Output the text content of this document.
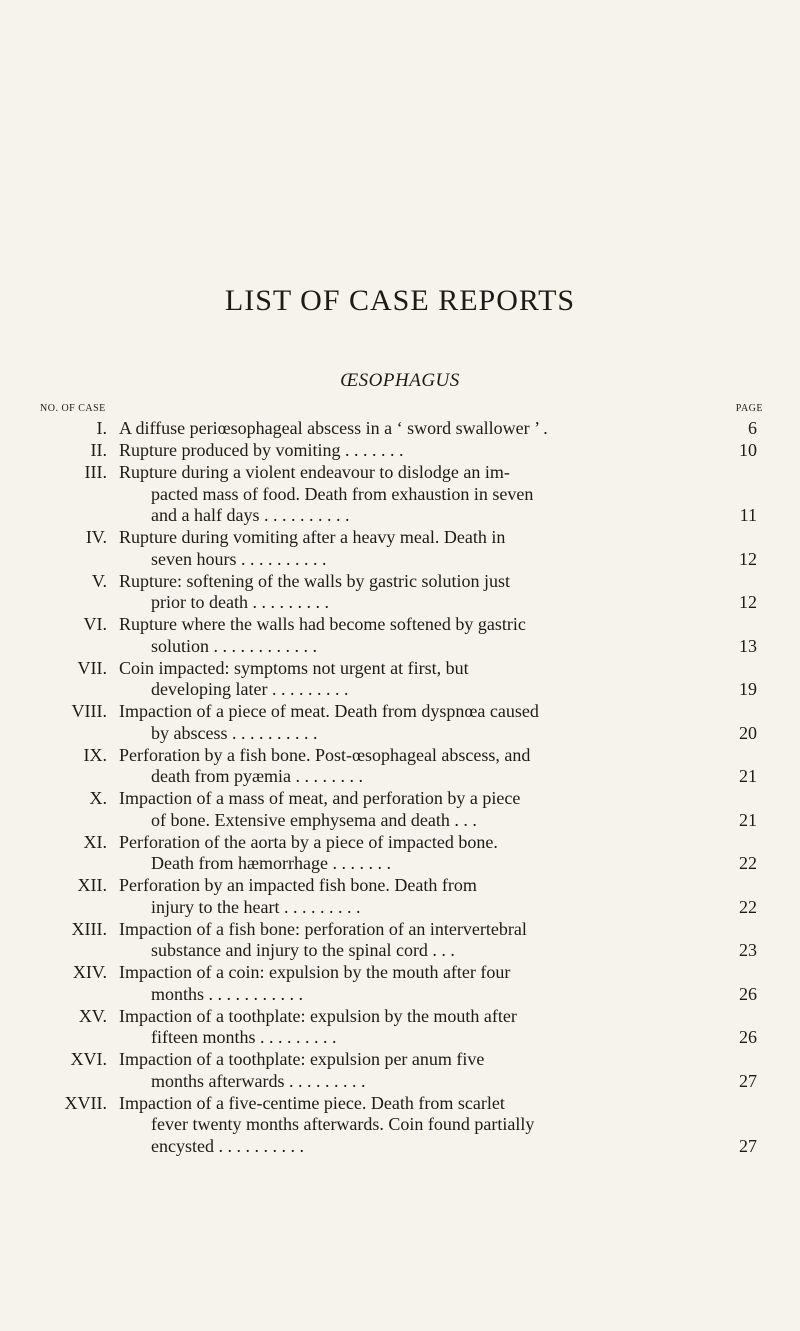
LIST OF CASE REPORTS
ŒSOPHAGUS
NO. OF CASE	PAGE
I. A diffuse periœsophageal abscess in a ‘ sword swallower ’ .	6
II. Rupture produced by vomiting . . . . . . .	10
III. Rupture during a violent endeavour to dislodge an im-
pacted mass of food. Death from exhaustion in seven
and a half days . . . . . . . . . .	11
IV. Rupture during vomiting after a heavy meal. Death in
seven hours . . . . . . . . . .	12
V. Rupture: softening of the walls by gastric solution just
prior to death . . . . . . . . .	12
VI. Rupture where the walls had become softened by gastric
solution . . . . . . . . . . . .	13
VII. Coin impacted: symptoms not urgent at first, but
developing later . . . . . . . . .	19
VIII. Impaction of a piece of meat. Death from dyspnœa caused
by abscess . . . . . . . . . .	20
IX. Perforation by a fish bone. Post-œsophageal abscess, and
death from pyæmia . . . . . . . .	21
X. Impaction of a mass of meat, and perforation by a piece
of bone. Extensive emphysema and death . . .	21
XI. Perforation of the aorta by a piece of impacted bone.
Death from hæmorrhage . . . . . . .	22
XII. Perforation by an impacted fish bone. Death from
injury to the heart . . . . . . . . .	22
XIII. Impaction of a fish bone: perforation of an intervertebral
substance and injury to the spinal cord . . .	23
XIV. Impaction of a coin: expulsion by the mouth after four
months . . . . . . . . . . .	26
XV. Impaction of a toothplate: expulsion by the mouth after
fifteen months . . . . . . . . .	26
XVI. Impaction of a toothplate: expulsion per anum five
months afterwards . . . . . . . . .	27
XVII. Impaction of a five-centime piece. Death from scarlet
fever twenty months afterwards. Coin found partially
encysted . . . . . . . . . .	27
